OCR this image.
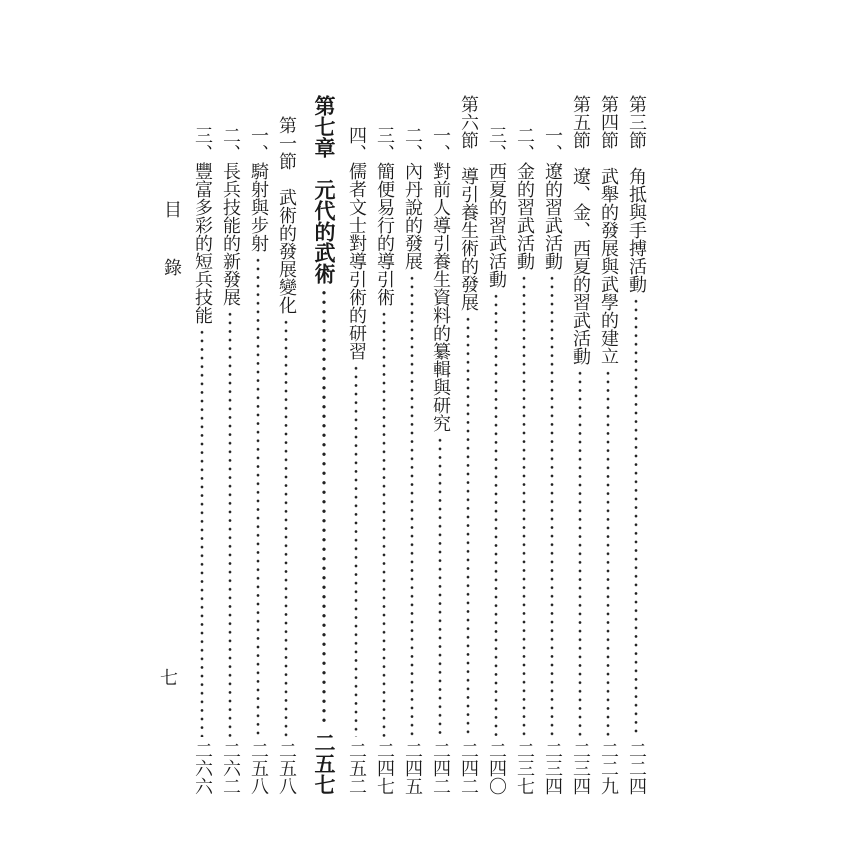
目錄
七
第三節　角抵與手搏活動
二二四
第四節　武舉的發展與武學的建立
二二九
第五節　遼、金、西夏的習武活動
二三四
一、遼的習武活動
二三四
二、金的習武活動
二三七
三、西夏的習武活動
二四〇
第六節　導引養生術的發展
二四二
一、對前人導引養生資料的纂輯與研究
二四二
二、內丹說的發展
二四五
三、簡便易行的導引術
二四七
四、儒者文士對導引術的研習
二五二
第七章　元代的武術
二五七
第一節　武術的發展變化
二五八
一、騎射與步射
二五八
二、長兵技能的新發展
二六二
三、豐富多彩的短兵技能
二六六
